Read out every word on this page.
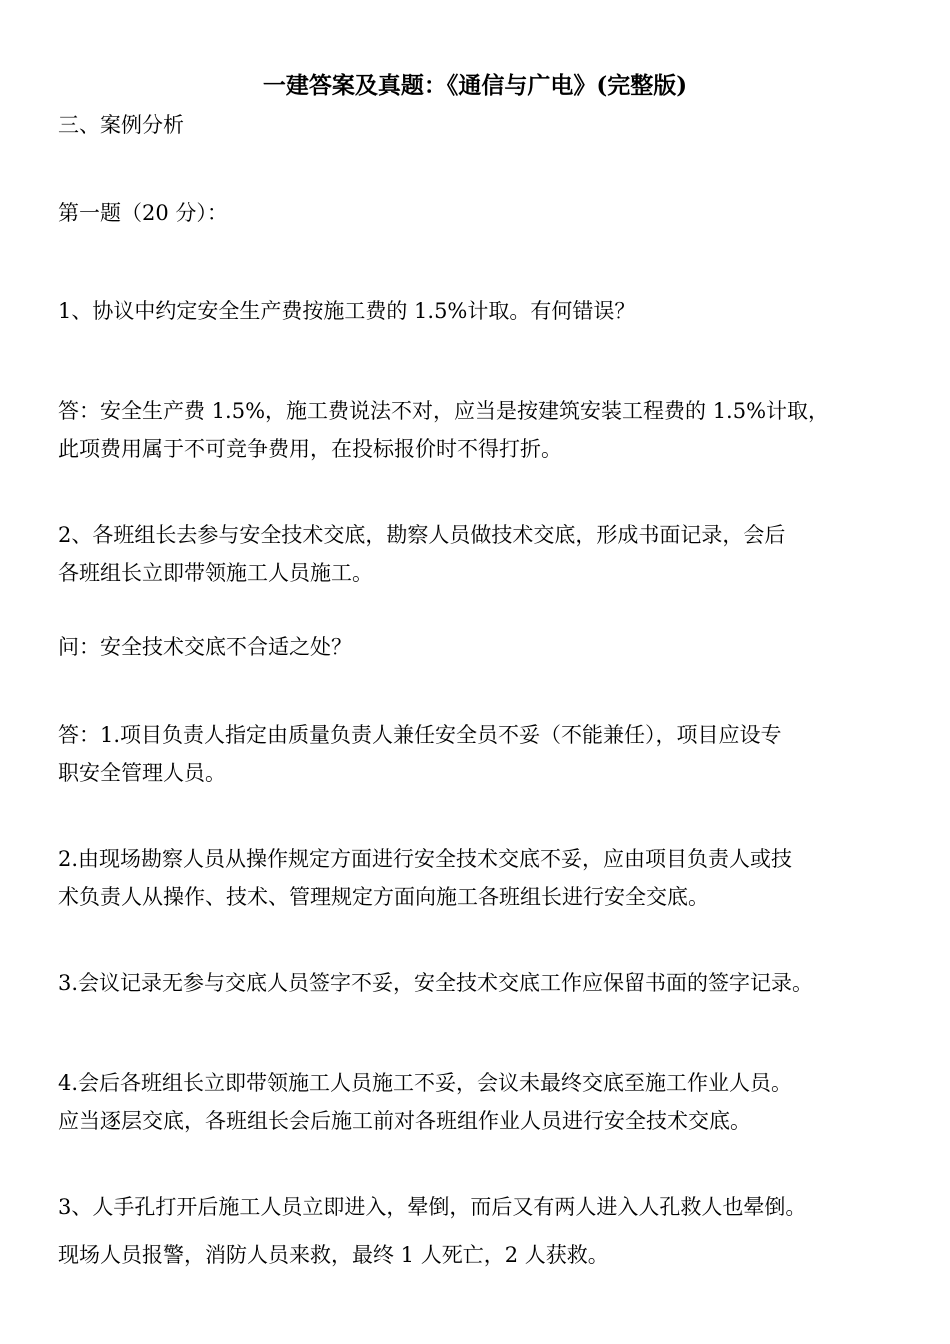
一建答案及真题：《通信与广电》(完整版)

三、案例分析

第一题（20 分）：

1、协议中约定安全生产费按施工费的 1.5%计取。有何错误？

答：安全生产费 1.5%，施工费说法不对，应当是按建筑安装工程费的 1.5%计取，

此项费用属于不可竞争费用，在投标报价时不得打折。

2、各班组长去参与安全技术交底，勘察人员做技术交底，形成书面记录，会后

各班组长立即带领施工人员施工。

问：安全技术交底不合适之处？

答：1.项目负责人指定由质量负责人兼任安全员不妥（不能兼任），项目应设专

职安全管理人员。

2.由现场勘察人员从操作规定方面进行安全技术交底不妥，应由项目负责人或技

术负责人从操作、技术、管理规定方面向施工各班组长进行安全交底。

3.会议记录无参与交底人员签字不妥，安全技术交底工作应保留书面的签字记录。

4.会后各班组长立即带领施工人员施工不妥，会议未最终交底至施工作业人员。

应当逐层交底，各班组长会后施工前对各班组作业人员进行安全技术交底。

3、人手孔打开后施工人员立即进入，晕倒，而后又有两人进入人孔救人也晕倒。

现场人员报警，消防人员来救，最终 1 人死亡，2 人获救。
